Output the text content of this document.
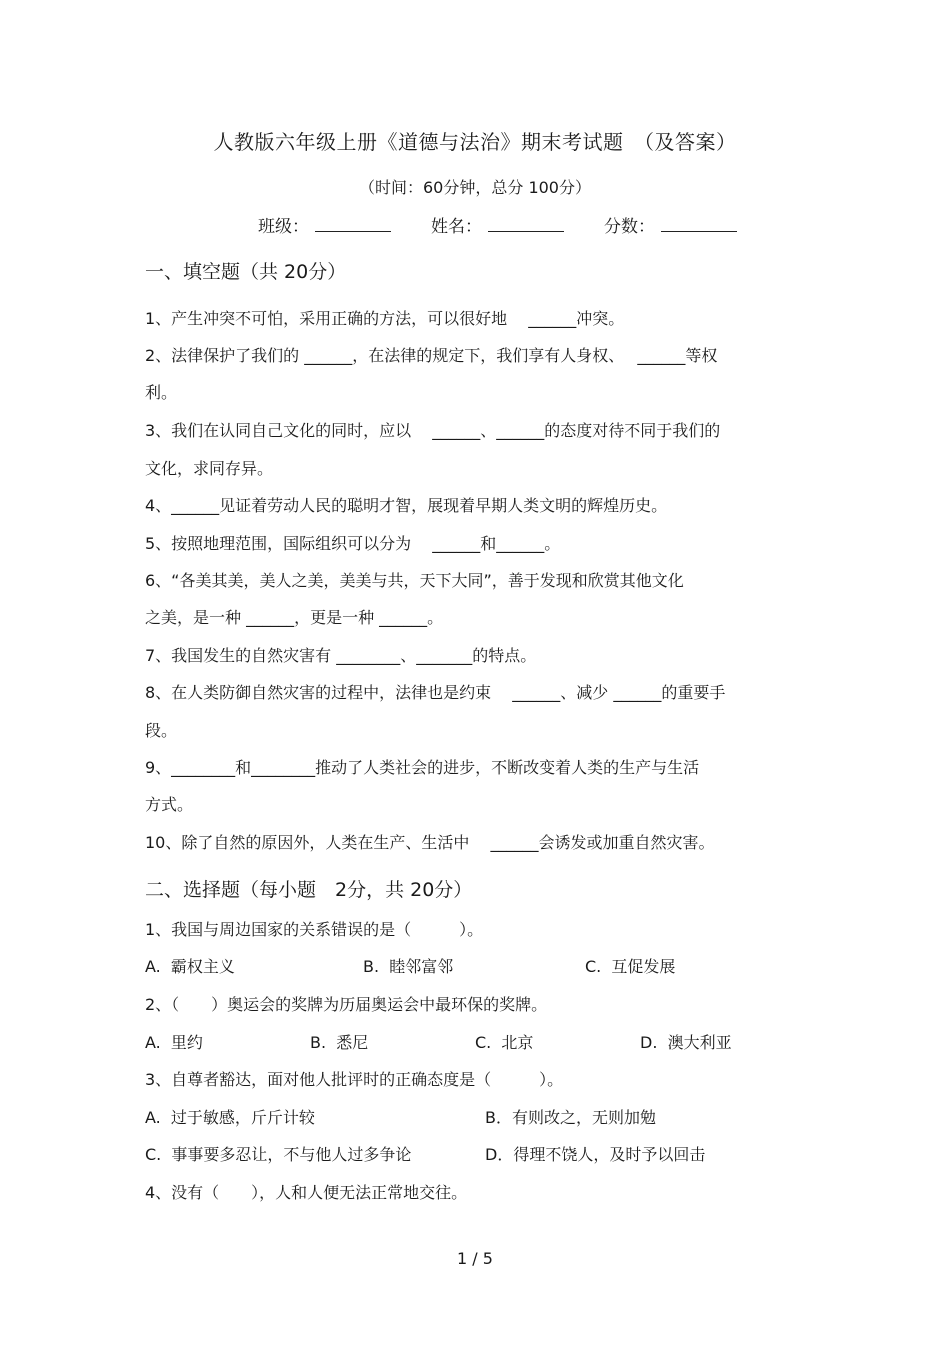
人教版六年级上册《道德与法治》期末考试题　（及答案）
（时间：60分钟，总分 100分）
班级：	姓名：	分数：
一、填空题（共 20分）
1、产生冲突不可怕，采用正确的方法，可以很好地　 ______冲突。
2、法律保护了我们的 ______，在法律的规定下，我们享有人身权、　 ______等权
利。
3、我们在认同自己文化的同时，应以　 ______、______的态度对待不同于我们的
文化，求同存异。
4、______见证着劳动人民的聪明才智，展现着早期人类文明的辉煌历史。
5、按照地理范围，国际组织可以分为　 ______和______。
6、“各美其美，美人之美，美美与共，天下大同”，善于发现和欣赏其他文化
之美，是一种 ______，更是一种 ______。
7、我国发生的自然灾害有 ________、_______的特点。
8、在人类防御自然灾害的过程中，法律也是约束　 ______、减少 ______的重要手
段。
9、________和________推动了人类社会的进步，不断改变着人类的生产与生活
方式。
10、除了自然的原因外，人类在生产、生活中　 ______会诱发或加重自然灾害。
二、选择题（每小题　2分，共 20分）
1、我国与周边国家的关系错误的是（　　　）。
A.  霸权主义	B.  睦邻富邻	C.  互促发展
2、（　　）奥运会的奖牌为历届奥运会中最环保的奖牌。
A.  里约	B.  悉尼	C.  北京	D.  澳大利亚
3、自尊者豁达，面对他人批评时的正确态度是（　　　）。
A.  过于敏感，斤斤计较	B．有则改之，无则加勉
C.  事事要多忍让，不与他人过多争论	D．得理不饶人，及时予以回击
4、没有（　　），人和人便无法正常地交往。
1 / 5
